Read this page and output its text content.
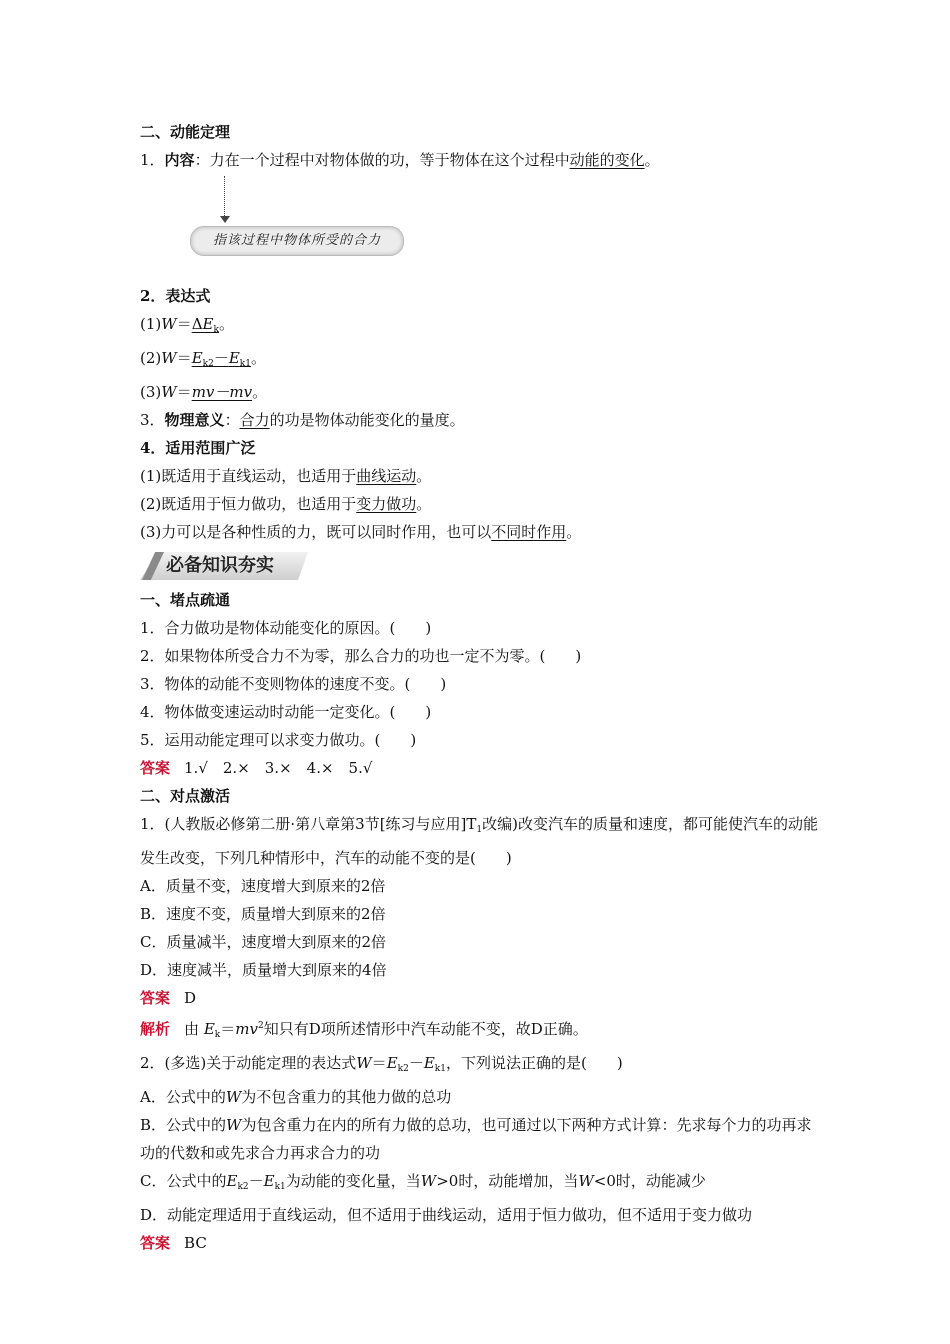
二、动能定理
1．内容：力在一个过程中对物体做的功，等于物体在这个过程中动能的变化。
指该过程中物体所受的合力
2．表达式
$(1)W=\Delta E_k$。
$(2)W=E_{k2}-E_{k1}$。
(3)W＝mv－mv。
3．物理意义：合力的功是物体动能变化的量度。
4．适用范围广泛
(1)既适用于直线运动，也适用于曲线运动。
(2)既适用于恒力做功，也适用于变力做功。
(3)力可以是各种性质的力，既可以同时作用，也可以不同时作用。
必备知识夯实
一、堵点疏通
1．合力做功是物体动能变化的原因。(　　)
2．如果物体所受合力不为零，那么合力的功也一定不为零。(　　)
3．物体的动能不变则物体的速度不变。(　　)
4．物体做变速运动时动能一定变化。(　　)
5．运用动能定理可以求变力做功。(　　)
答案 1.√　2.×　3.×　4.×　5.√
二、对点激活
1．(人教版必修第二册·第八章第3节[练习与应用]$T_1$改编)改变汽车的质量和速度，都可能使汽车的动能发生改变，下列几种情形中，汽车的动能不变的是(　　)
A．质量不变，速度增大到原来的2倍
B．速度不变，质量增大到原来的2倍
C．质量减半，速度增大到原来的2倍
D．速度减半，质量增大到原来的4倍
答案 D
解析 由 $E_k=mv^2$知只有D项所述情形中汽车动能不变，故D正确。
2．(多选)关于动能定理的表达式$W=E_{k2}-E_{k1}$，下列说法正确的是(　　)
A．公式中的W为不包含重力的其他力做的总功
B．公式中的W为包含重力在内的所有力做的总功，也可通过以下两种方式计算：先求每个力的功再求功的代数和或先求合力再求合力的功
C．公式中的$E_{k2}-E_{k1}$为动能的变化量，当W>0时，动能增加，当W<0时，动能减少
D．动能定理适用于直线运动，但不适用于曲线运动，适用于恒力做功，但不适用于变力做功
答案 BC
